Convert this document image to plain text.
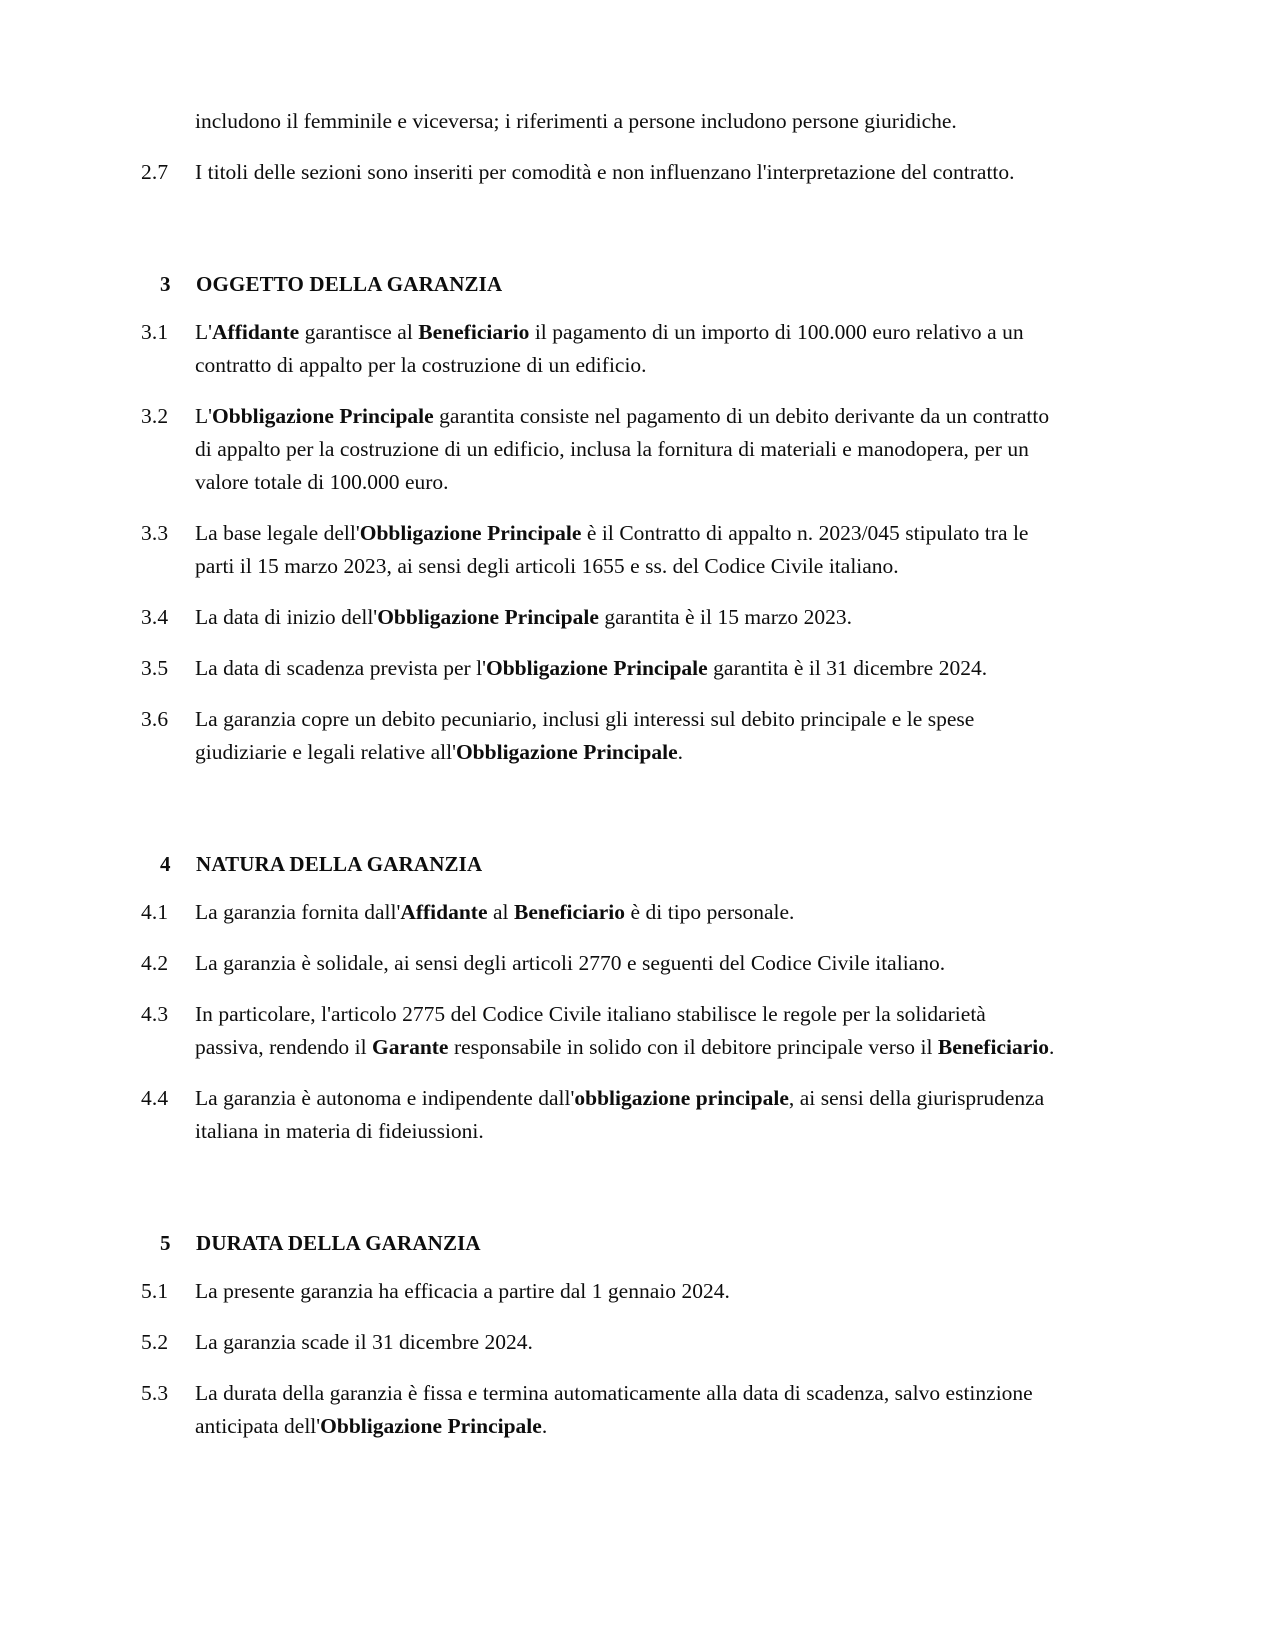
includono il femminile e viceversa; i riferimenti a persone includono persone giuridiche.
2.7	I titoli delle sezioni sono inseriti per comodità e non influenzano l'interpretazione del contratto.
3	OGGETTO DELLA GARANZIA
3.1	L'Affidante garantisce al Beneficiario il pagamento di un importo di 100.000 euro relativo a un contratto di appalto per la costruzione di un edificio.
3.2	L'Obbligazione Principale garantita consiste nel pagamento di un debito derivante da un contratto di appalto per la costruzione di un edificio, inclusa la fornitura di materiali e manodopera, per un valore totale di 100.000 euro.
3.3	La base legale dell'Obbligazione Principale è il Contratto di appalto n. 2023/045 stipulato tra le parti il 15 marzo 2023, ai sensi degli articoli 1655 e ss. del Codice Civile italiano.
3.4	La data di inizio dell'Obbligazione Principale garantita è il 15 marzo 2023.
3.5	La data di scadenza prevista per l'Obbligazione Principale garantita è il 31 dicembre 2024.
3.6	La garanzia copre un debito pecuniario, inclusi gli interessi sul debito principale e le spese giudiziarie e legali relative all'Obbligazione Principale.
4	NATURA DELLA GARANZIA
4.1	La garanzia fornita dall'Affidante al Beneficiario è di tipo personale.
4.2	La garanzia è solidale, ai sensi degli articoli 2770 e seguenti del Codice Civile italiano.
4.3	In particolare, l'articolo 2775 del Codice Civile italiano stabilisce le regole per la solidarietà passiva, rendendo il Garante responsabile in solido con il debitore principale verso il Beneficiario.
4.4	La garanzia è autonoma e indipendente dall'obbligazione principale, ai sensi della giurisprudenza italiana in materia di fideiussioni.
5	DURATA DELLA GARANZIA
5.1	La presente garanzia ha efficacia a partire dal 1 gennaio 2024.
5.2	La garanzia scade il 31 dicembre 2024.
5.3	La durata della garanzia è fissa e termina automaticamente alla data di scadenza, salvo estinzione anticipata dell'Obbligazione Principale.
